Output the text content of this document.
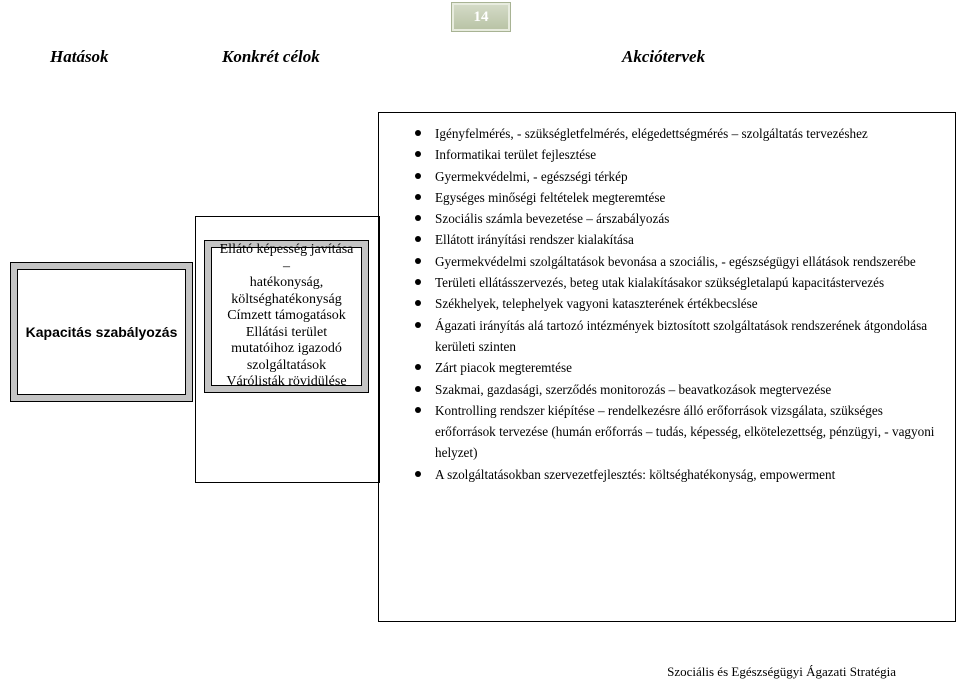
14
Hatások	Konkrét célok	Akciótervek
Kapacitás szabályozás
Ellátó képesség javítása –
hatékonyság,
költséghatékonyság
Címzett támogatások
Ellátási terület
mutatóihoz igazodó
szolgáltatások
Várólisták rövidülése
Igényfelmérés, - szükségletfelmérés, elégedettségmérés – szolgáltatás tervezéshez
Informatikai terület fejlesztése
Gyermekvédelmi, - egészségi térkép
Egységes minőségi feltételek megteremtése
Szociális számla bevezetése – árszabályozás
Ellátott irányítási rendszer kialakítása
Gyermekvédelmi szolgáltatások bevonása a szociális, - egészségügyi ellátások rendszerébe
Területi ellátásszervezés, beteg utak kialakításakor szükségletalapú kapacitástervezés
Székhelyek, telephelyek vagyoni kataszterének értékbecslése
Ágazati irányítás alá tartozó intézmények biztosított szolgáltatások rendszerének átgondolása kerületi szinten
Zárt piacok megteremtése
Szakmai, gazdasági, szerződés monitorozás – beavatkozások megtervezése
Kontrolling rendszer kiépítése – rendelkezésre álló erőforrások vizsgálata, szükséges erőforrások tervezése (humán erőforrás – tudás, képesség, elkötelezettség, pénzügyi, - vagyoni helyzet)
A szolgáltatásokban szervezetfejlesztés: költséghatékonyság, empowerment
Szociális és Egészségügyi Ágazati Stratégia
